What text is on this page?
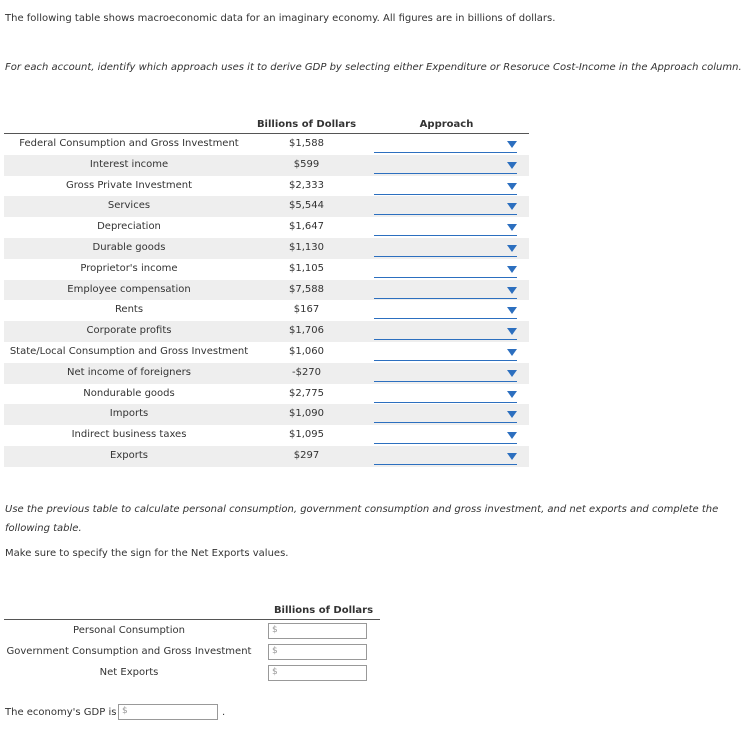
The following table shows macroeconomic data for an imaginary economy. All figures are in billions of dollars.
For each account, identify which approach uses it to derive GDP by selecting either Expenditure or Resoruce Cost-Income in the Approach column.
Billions of Dollars	Approach
Federal Consumption and Gross Investment	$1,588
Interest income	$599
Gross Private Investment	$2,333
Services	$5,544
Depreciation	$1,647
Durable goods	$1,130
Proprietor's income	$1,105
Employee compensation	$7,588
Rents	$167
Corporate profits	$1,706
State/Local Consumption and Gross Investment	$1,060
Net income of foreigners	-$270
Nondurable goods	$2,775
Imports	$1,090
Indirect business taxes	$1,095
Exports	$297
Use the previous table to calculate personal consumption, government consumption and gross investment, and net exports and complete the following table.
Make sure to specify the sign for the Net Exports values.
Billions of Dollars
Personal Consumption	$
Government Consumption and Gross Investment $
Net Exports	$
The economy's GDP is $	.
